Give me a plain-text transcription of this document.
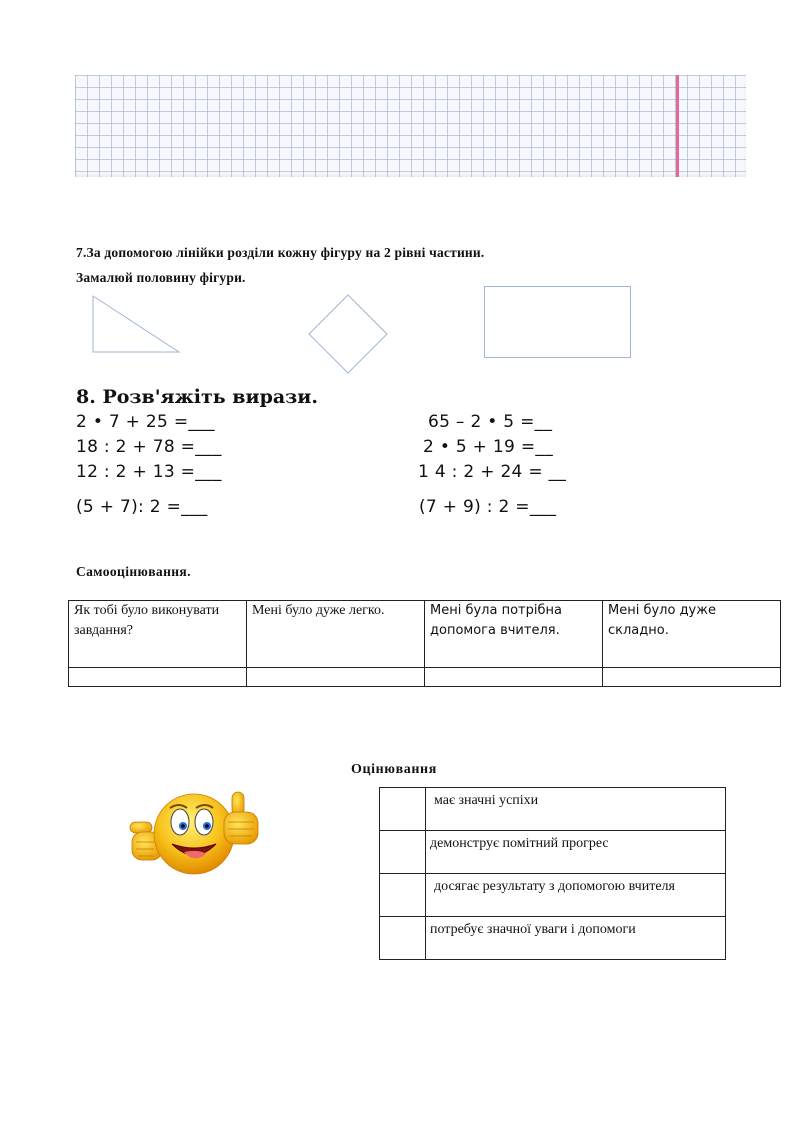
7.За допомогою лінійки розділи кожну фігуру на 2 рівні частини.
Замалюй половину фігури.
8. Розв'яжіть вирази.
2 • 7 + 25 =___
18 : 2 + 78 =___
12 : 2 + 13 =___
(5 + 7): 2 =___
65 – 2 • 5 =__
2 • 5 + 19 =__
1 4 : 2 + 24 = __
(7 + 9) : 2 =___
Самооцінювання.
Як тобі було виконувати завдання?	Мені було дуже легко.	Мені була потрібна допомога вчителя.	Мені було дуже складно.

Оцінювання
	має значні успіхи
	демонструє помітний прогрес
	досягає результату з допомогою вчителя
	потребує значної уваги і допомоги
